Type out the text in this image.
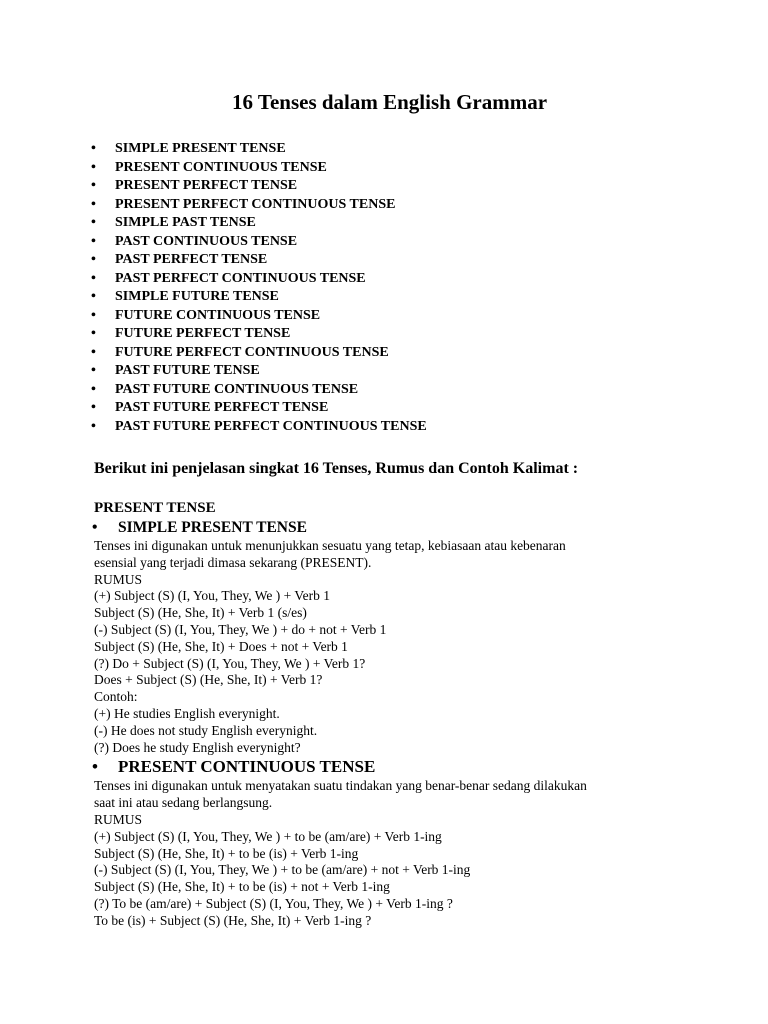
16 Tenses dalam English Grammar
• SIMPLE PRESENT TENSE
• PRESENT CONTINUOUS TENSE
• PRESENT PERFECT TENSE
• PRESENT PERFECT CONTINUOUS TENSE
• SIMPLE PAST TENSE
• PAST CONTINUOUS TENSE
• PAST PERFECT TENSE
• PAST PERFECT CONTINUOUS TENSE
• SIMPLE FUTURE TENSE
• FUTURE CONTINUOUS TENSE
• FUTURE PERFECT TENSE
• FUTURE PERFECT CONTINUOUS TENSE
• PAST FUTURE TENSE
• PAST FUTURE CONTINUOUS TENSE
• PAST FUTURE PERFECT TENSE
• PAST FUTURE PERFECT CONTINUOUS TENSE
Berikut ini penjelasan singkat 16 Tenses, Rumus dan Contoh Kalimat :
PRESENT TENSE
• SIMPLE PRESENT TENSE
Tenses ini digunakan untuk menunjukkan sesuatu yang tetap, kebiasaan atau kebenaran
esensial yang terjadi dimasa sekarang (PRESENT).
RUMUS
(+) Subject (S) (I, You, They, We ) + Verb 1
Subject (S) (He, She, It) + Verb 1 (s/es)
(-) Subject (S) (I, You, They, We ) + do + not + Verb 1
Subject (S) (He, She, It) + Does + not + Verb 1
(?) Do + Subject (S) (I, You, They, We ) + Verb 1?
Does + Subject (S) (He, She, It) + Verb 1?
Contoh:
(+) He studies English everynight.
(-) He does not study English everynight.
(?) Does he study English everynight?
• PRESENT CONTINUOUS TENSE
Tenses ini digunakan untuk menyatakan suatu tindakan yang benar-benar sedang dilakukan
saat ini atau sedang berlangsung.
RUMUS
(+) Subject (S) (I, You, They, We ) + to be (am/are) + Verb 1-ing
Subject (S) (He, She, It) + to be (is) + Verb 1-ing
(-) Subject (S) (I, You, They, We ) + to be (am/are) + not + Verb 1-ing
Subject (S) (He, She, It) + to be (is) + not + Verb 1-ing
(?) To be (am/are) + Subject (S) (I, You, They, We ) + Verb 1-ing ?
To be (is) + Subject (S) (He, She, It) + Verb 1-ing ?
